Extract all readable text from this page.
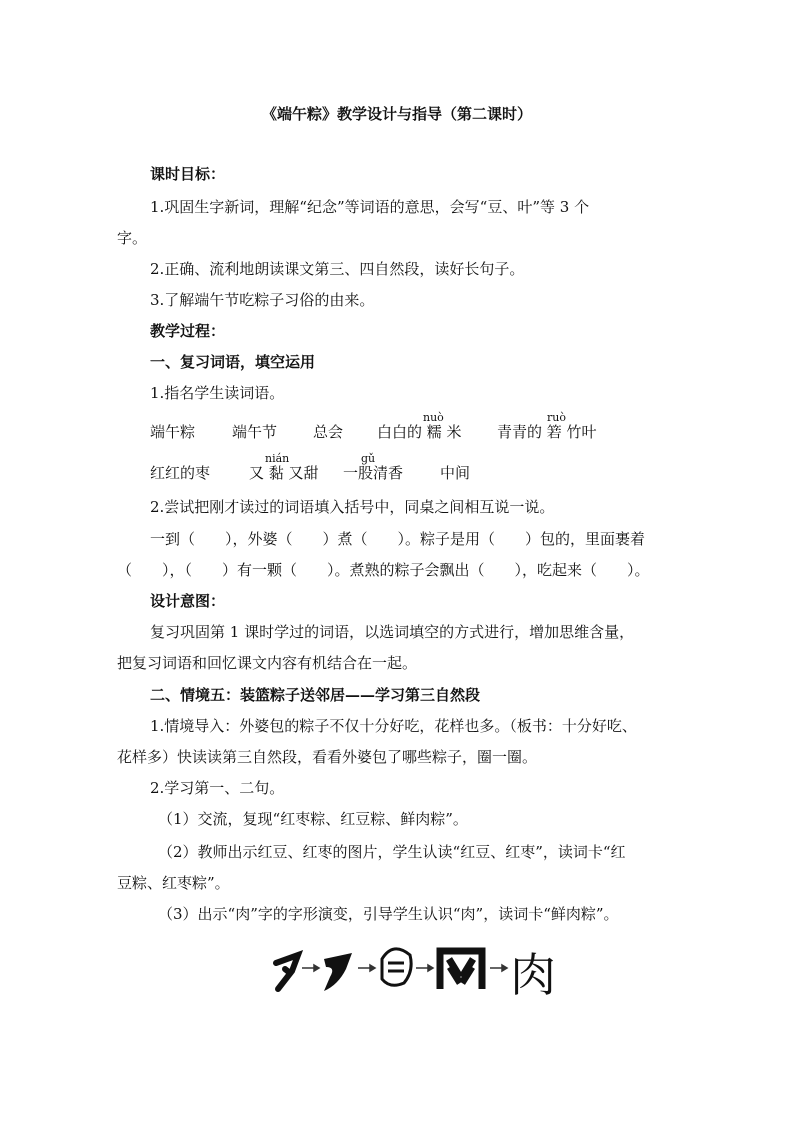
《端午粽》教学设计与指导（第二课时）
课时目标：
1.巩固生字新词，理解“纪念”等词语的意思，会写“豆、叶”等 3 个
字。
2.正确、流利地朗读课文第三、四自然段，读好长句子。
3.了解端午节吃粽子习俗的由来。
教学过程：
一、复习词语，填空运用
1.指名学生读词语。
nuò	ruò
端午粽 端午节 总会 白白的 糯 米 青青的 箬 竹叶
nián	gǔ
红红的枣	又 黏 又甜 一股清香 中间
2.尝试把刚才读过的词语填入括号中，同桌之间相互说一说。
一到（　　），外婆（　　）煮（　　）。粽子是用（　　）包的，里面裹着
（　　），（　　）有一颗（　　）。煮熟的粽子会飘出（　　），吃起来（　　）。
设计意图：
复习巩固第 1 课时学过的词语，以选词填空的方式进行，增加思维含量，
把复习词语和回忆课文内容有机结合在一起。
二、情境五：装篮粽子送邻居——学习第三自然段
1.情境导入：外婆包的粽子不仅十分好吃，花样也多。（板书：十分好吃、
花样多）快读读第三自然段，看看外婆包了哪些粽子，圈一圈。
2.学习第一、二句。
（1）交流，复现“红枣粽、红豆粽、鲜肉粽”。
（2）教师出示红豆、红枣的图片，学生认读“红豆、红枣”，读词卡“红
豆粽、红枣粽”。
（3）出示“肉”字的字形演变，引导学生认识“肉”，读词卡“鲜肉粽”。
肉
